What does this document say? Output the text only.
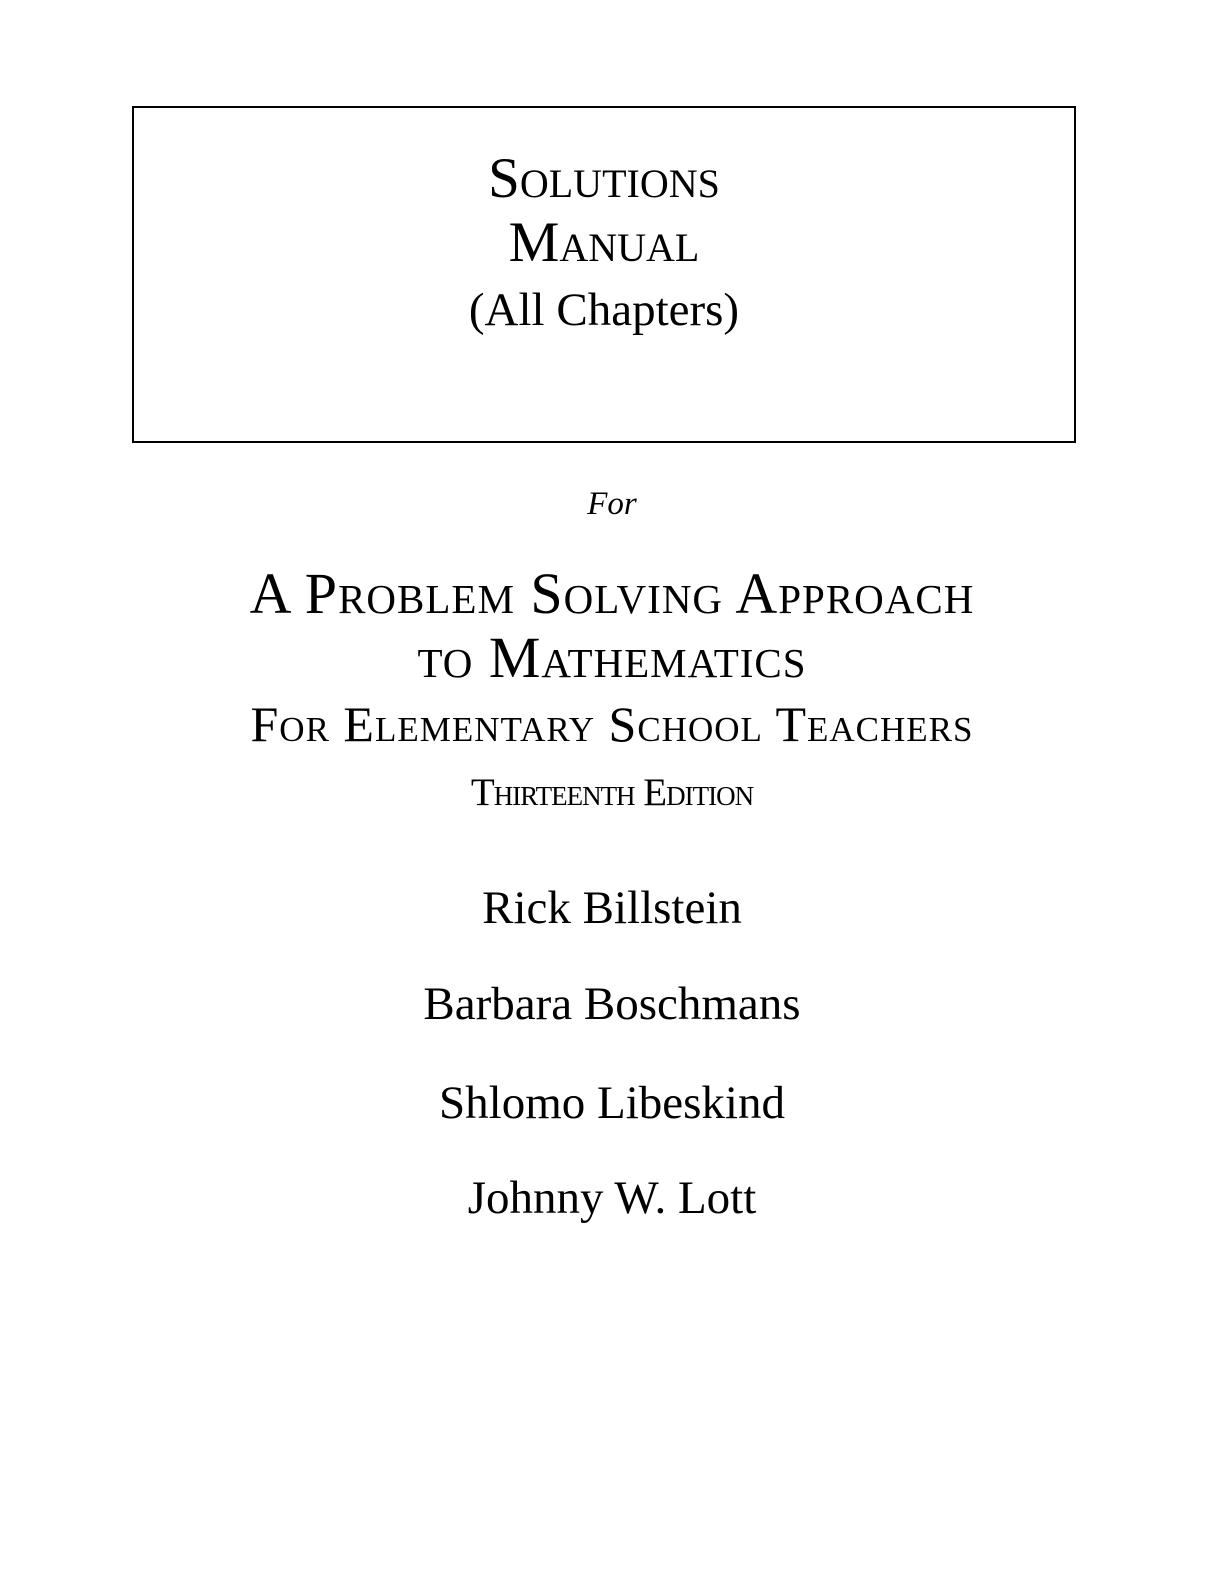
Solutions
Manual
(All Chapters)
For
A Problem Solving Approach
to Mathematics
For Elementary School Teachers
Thirteenth Edition
Rick Billstein
Barbara Boschmans
Shlomo Libeskind
Johnny W. Lott
